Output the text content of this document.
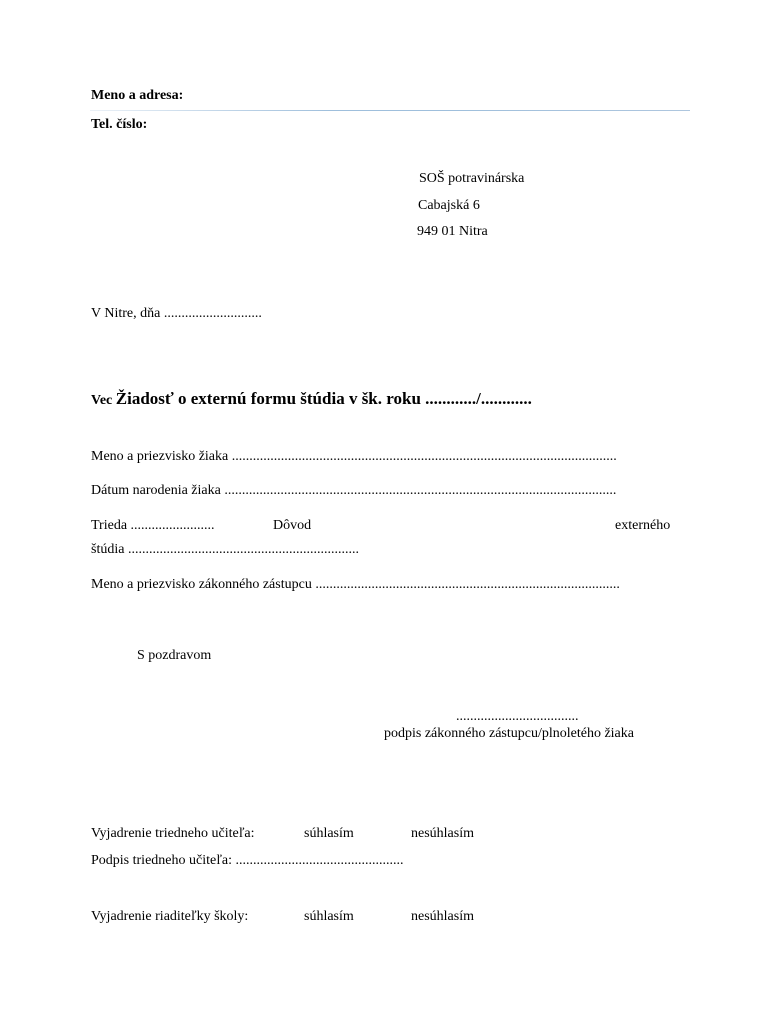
Meno a adresa:
Tel. číslo:
SOŠ potravinárska
Cabajská 6
949 01 Nitra
V Nitre, dňa ............................
Vec Žiadosť o externú formu štúdia v šk. roku ............/............
Meno a priezvisko žiaka ..............................................................................................................
Dátum narodenia žiaka ................................................................................................................
Trieda ........................	Dôvod	externého
štúdia ..................................................................
Meno a priezvisko zákonného zástupcu .......................................................................................
S pozdravom
...................................
podpis zákonného zástupcu/plnoletého žiaka
Vyjadrenie triedneho učiteľa:	súhlasím	nesúhlasím
Podpis triedneho učiteľa: ................................................
Vyjadrenie riaditeľky školy:	súhlasím	nesúhlasím
